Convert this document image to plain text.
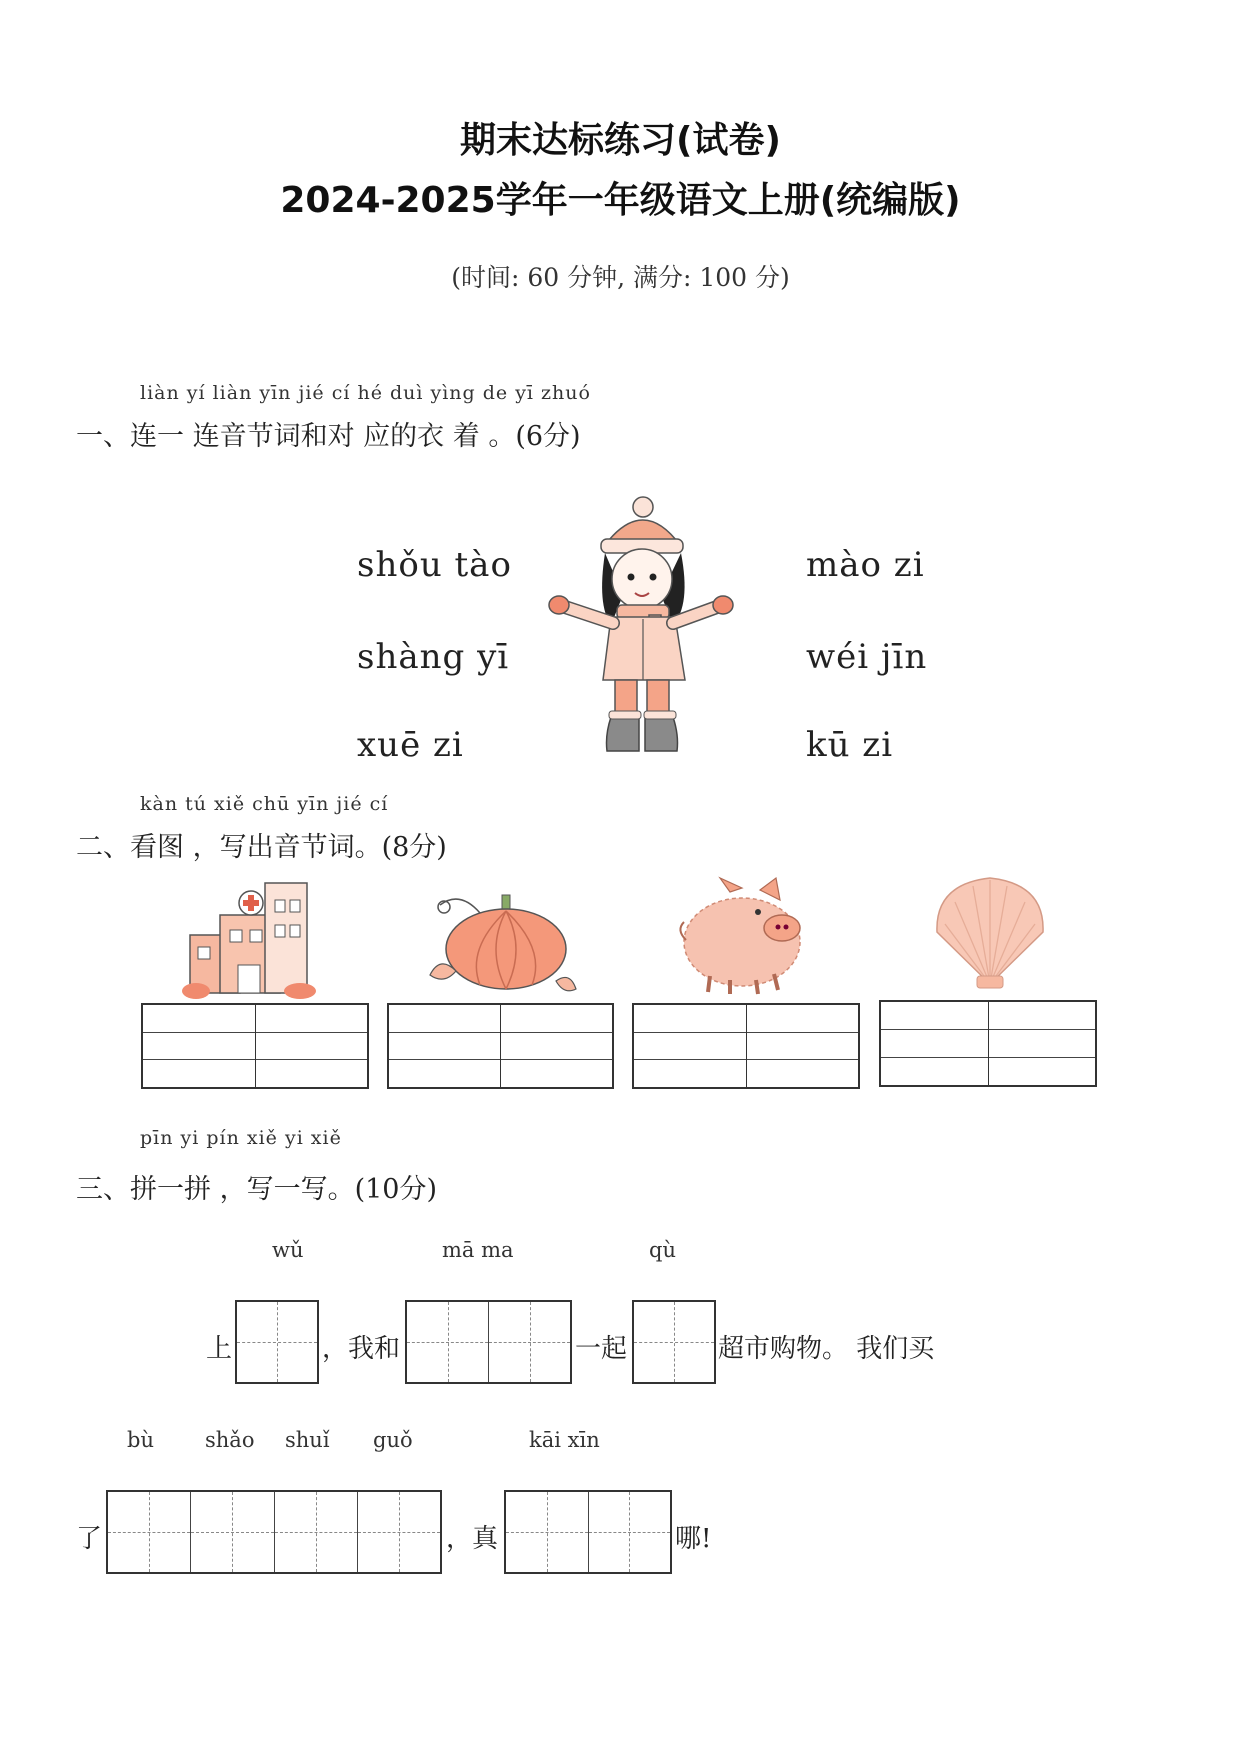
期末达标练习(试卷)
2024-2025学年一年级语文上册(统编版)
(时间: 60 分钟, 满分: 100 分)
liàn yí liàn yīn jié cí hé duì yìng de yī zhuó
一、连一 连音节词和对 应的衣 着 。(6分)
shǒu tào
shàng yī
xuē zi
mào zi
wéi jīn
kū zi
kàn tú xiě chū yīn jié cí
二、看图 ，写出音节词。(8分)
pīn yi pín xiě yi xiě
三、拼一拼 ，写一写。(10分)
wǔ	mā ma	qù
上	，我和	一起	超市购物。 我们买
bù shǎo shuǐ guǒ	kāi xīn
了	，真	哪!
